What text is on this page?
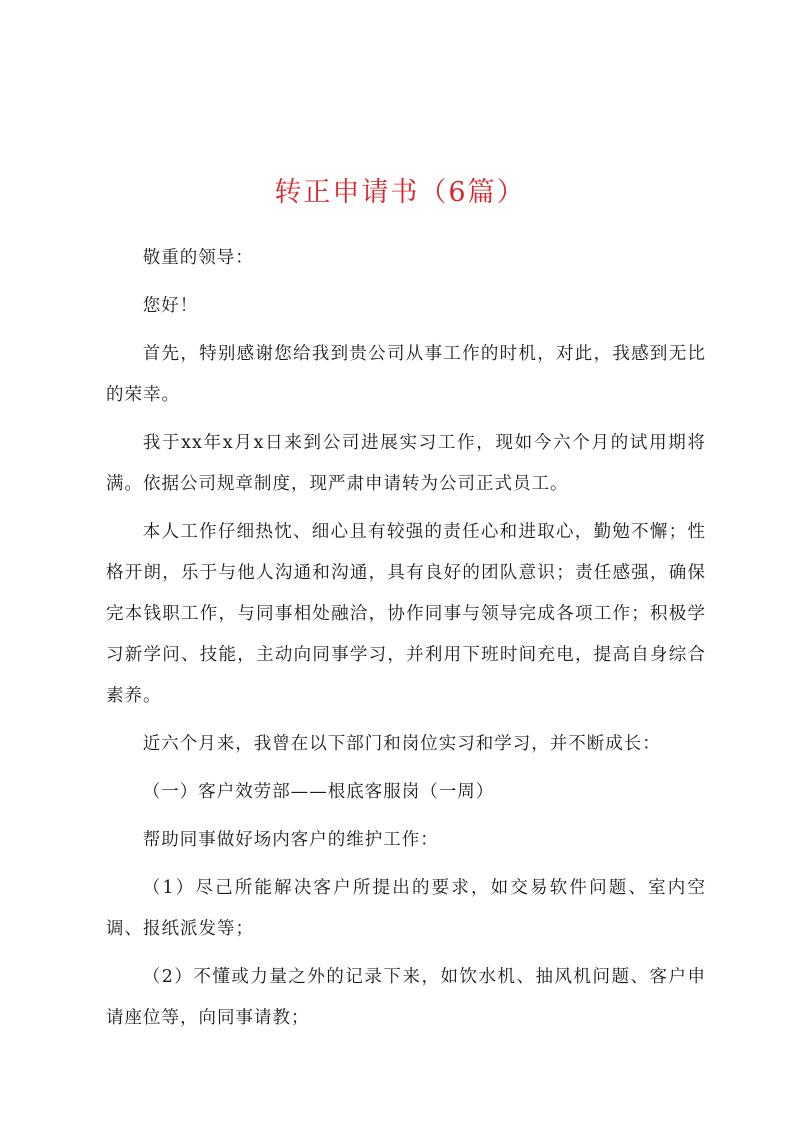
转正申请书（6篇）

敬重的领导：

您好！

首先，特别感谢您给我到贵公司从事工作的时机，对此，我感到无比的荣幸。

我于xx年x月x日来到公司进展实习工作，现如今六个月的试用期将满。依据公司规章制度，现严肃申请转为公司正式员工。

本人工作仔细热忱、细心且有较强的责任心和进取心，勤勉不懈；性格开朗，乐于与他人沟通和沟通，具有良好的团队意识；责任感强，确保完本钱职工作，与同事相处融洽，协作同事与领导完成各项工作；积极学习新学问、技能，主动向同事学习，并利用下班时间充电，提高自身综合素养。

近六个月来，我曾在以下部门和岗位实习和学习，并不断成长：

（一）客户效劳部——根底客服岗（一周）

帮助同事做好场内客户的维护工作：

（1）尽己所能解决客户所提出的要求，如交易软件问题、室内空调、报纸派发等；

（2）不懂或力量之外的记录下来，如饮水机、抽风机问题、客户申请座位等，向同事请教；
